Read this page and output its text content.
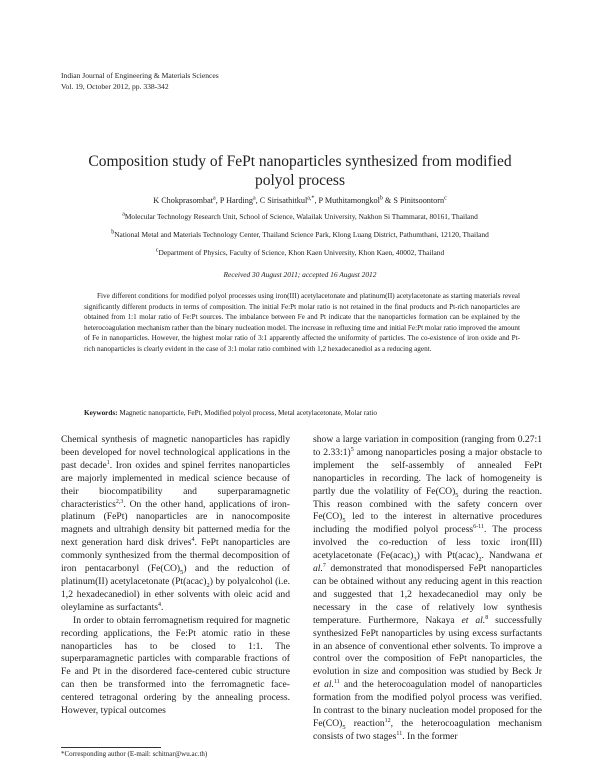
Indian Journal of Engineering & Materials Sciences
Vol. 19, October 2012, pp. 338-342
Composition study of FePt nanoparticles synthesized from modified
polyol process
K Chokprasombat$^a$, P Harding$^a$, C Sirisathitkul$^{a,*}$, P Muthitamongkol$^b$ & S Pinitsoontorn$^c$
$^a$Molecular Technology Research Unit, School of Science, Walailak University, Nakhon Si Thammarat, 80161, Thailand
$^b$National Metal and Materials Technology Center, Thailand Science Park, Klong Luang District, Pathumthani, 12120, Thailand
$^c$Department of Physics, Faculty of Science, Khon Kaen University, Khon Kaen, 40002, Thailand
Received 30 August 2011; accepted 16 August 2012
Five different conditions for modified polyol processes using iron(III) acetylacetonate and platinum(II) acetylacetonate as starting materials reveal significantly different products in terms of composition. The initial Fe:Pt molar ratio is not retained in the final products and Pt-rich nanoparticles are obtained from 1:1 molar ratio of Fe:Pt sources. The imbalance between Fe and Pt indicate that the nanoparticles formation can be explained by the heterocoagulation mechanism rather than the binary nucleation model. The increase in refluxing time and initial Fe:Pt molar ratio improved the amount of Fe in nanoparticles. However, the highest molar ratio of 3:1 apparently affected the uniformity of particles. The co-existence of iron oxide and Pt-rich nanoparticles is clearly evident in the case of 3:1 molar ratio combined with 1,2 hexadecanediol as a reducing agent.
Keywords: Magnetic nanoparticle, FePt, Modified polyol process, Metal acetylacetonate, Molar ratio

Chemical synthesis of magnetic nanoparticles has rapidly been developed for novel technological applications in the past decade$^1$. Iron oxides and spinel ferrites nanoparticles are majorly implemented in medical science because of their biocompatibility and superparamagnetic characteristics$^{2,3}$. On the other hand, applications of iron-platinum (FePt) nanoparticles are in nanocomposite magnets and ultrahigh density bit patterned media for the next generation hard disk drives$^4$. FePt nanoparticles are commonly synthesized from the thermal decomposition of iron pentacarbonyl $(Fe(CO)_5)$ and the reduction of platinum(II) acetylacetonate $(Pt(acac)_2)$ by polyalcohol (i.e. 1,2 hexadecanediol) in ether solvents with oleic acid and oleylamine as surfactants$^4$.

In order to obtain ferromagnetism required for magnetic recording applications, the Fe:Pt atomic ratio in these nanoparticles has to be closed to 1:1. The superparamagnetic particles with comparable fractions of Fe and Pt in the disordered face-centered cubic structure can then be transformed into the ferromagnetic face-centered tetragonal ordering by the annealing process. However, typical outcomes

show a large variation in composition (ranging from 0.27:1 to 2.33:1)$^5$ among nanoparticles posing a major obstacle to implement the self-assembly of annealed FePt nanoparticles in recording. The lack of homogeneity is partly due the volatility of $Fe(CO)_5$ during the reaction. This reason combined with the safety concern over $Fe(CO)_5$ led to the interest in alternative procedures including the modified polyol process$^{6-11}$. The process involved the co-reduction of less toxic iron(III) acetylacetonate $(Fe(acac)_3)$ with $Pt(acac)_2$. Nandwana et al.$^7$ demonstrated that monodispersed FePt nanoparticles can be obtained without any reducing agent in this reaction and suggested that 1,2 hexadecanediol may only be necessary in the case of relatively low synthesis temperature. Furthermore, Nakaya et al.$^8$ successfully synthesized FePt nanoparticles by using excess surfactants in an absence of conventional ether solvents. To improve a control over the composition of FePt nanoparticles, the evolution in size and composition was studied by Beck Jr et al.$^{11}$ and the heterocoagulation model of nanoparticles formation from the modified polyol process was verified. In contrast to the binary nucleation model proposed for the $Fe(CO)_5$ reaction$^{12}$, the heterocoagulation mechanism consists of two stages$^{11}$. In the former

*Corresponding author (E-mail: schitnar@wu.ac.th)
